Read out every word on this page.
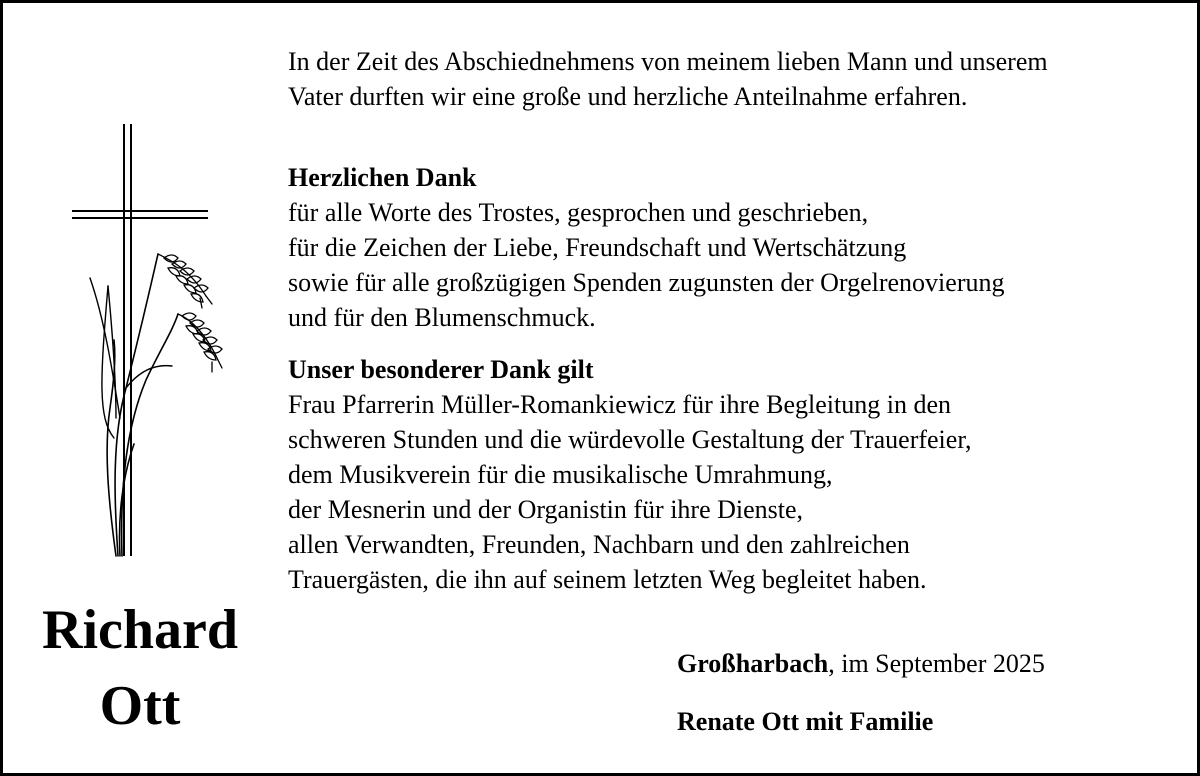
Richard
Ott
In der Zeit des Abschiednehmens von meinem lieben Mann und unserem
Vater durften wir eine große und herzliche Anteilnahme erfahren.
Herzlichen Dank
für alle Worte des Trostes, gesprochen und geschrieben,
für die Zeichen der Liebe, Freundschaft und Wertschätzung
sowie für alle großzügigen Spenden zugunsten der Orgelrenovierung
und für den Blumenschmuck.
Unser besonderer Dank gilt
Frau Pfarrerin Müller-Romankiewicz für ihre Begleitung in den
schweren Stunden und die würdevolle Gestaltung der Trauerfeier,
dem Musikverein für die musikalische Umrahmung,
der Mesnerin und der Organistin für ihre Dienste,
allen Verwandten, Freunden, Nachbarn und den zahlreichen
Trauergästen, die ihn auf seinem letzten Weg begleitet haben.
Großharbach, im September 2025
Renate Ott mit Familie
